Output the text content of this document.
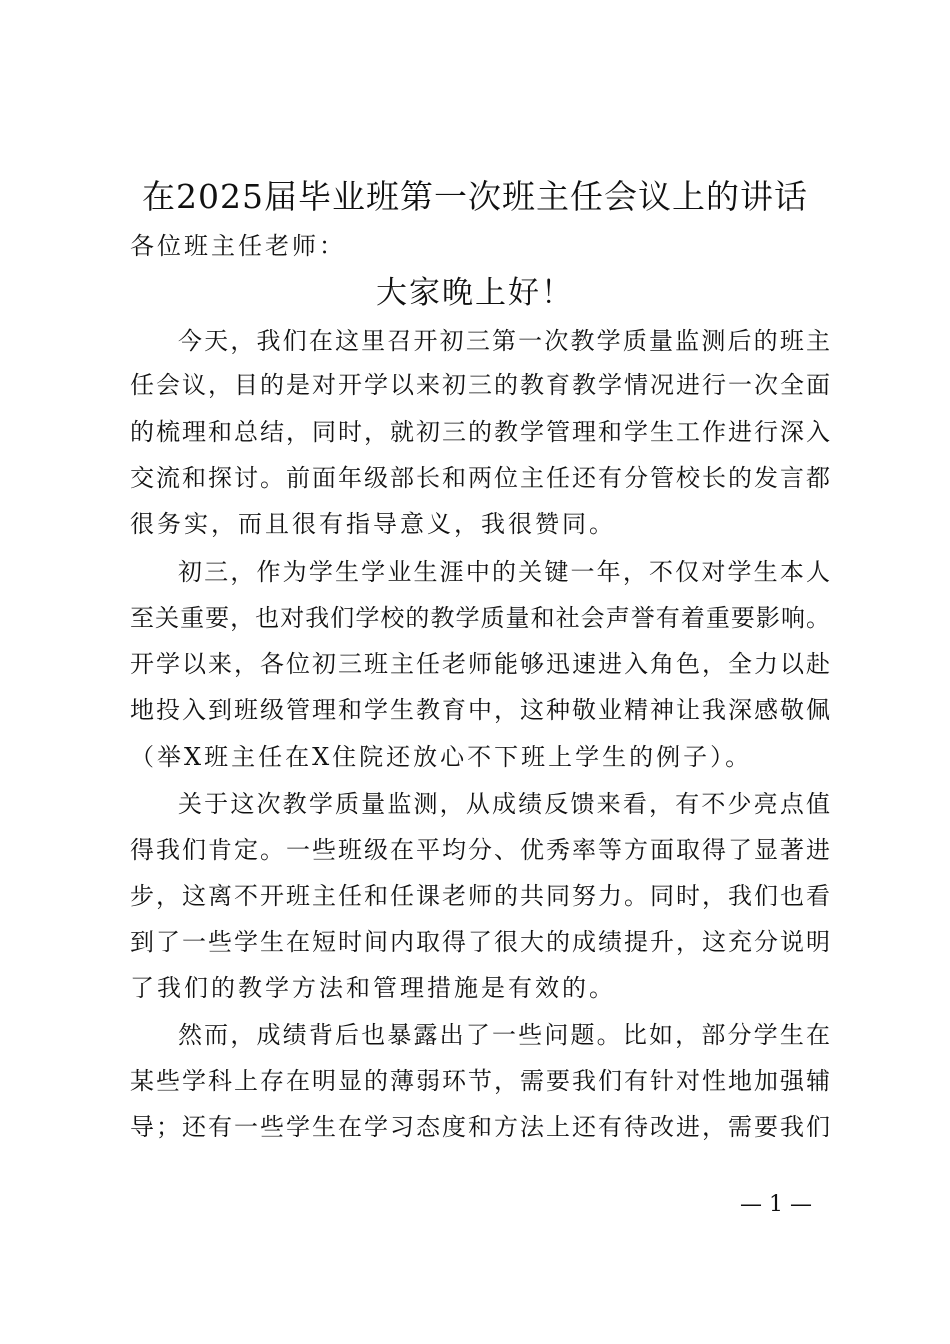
在2025届毕业班第一次班主任会议上的讲话
各位班主任老师：
大家晚上好！
今天，我们在这里召开初三第一次教学质量监测后的班主
任会议，目的是对开学以来初三的教育教学情况进行一次全面
的梳理和总结，同时，就初三的教学管理和学生工作进行深入
交流和探讨。前面年级部长和两位主任还有分管校长的发言都
很务实，而且很有指导意义，我很赞同。
初三，作为学生学业生涯中的关键一年，不仅对学生本人
至关重要，也对我们学校的教学质量和社会声誉有着重要影响。
开学以来，各位初三班主任老师能够迅速进入角色，全力以赴
地投入到班级管理和学生教育中，这种敬业精神让我深感敬佩
（举X班主任在X住院还放心不下班上学生的例子）。
关于这次教学质量监测，从成绩反馈来看，有不少亮点值
得我们肯定。一些班级在平均分、优秀率等方面取得了显著进
步，这离不开班主任和任课老师的共同努力。同时，我们也看
到了一些学生在短时间内取得了很大的成绩提升，这充分说明
了我们的教学方法和管理措施是有效的。
然而，成绩背后也暴露出了一些问题。比如，部分学生在
某些学科上存在明显的薄弱环节，需要我们有针对性地加强辅
导；还有一些学生在学习态度和方法上还有待改进，需要我们
— 1 —
